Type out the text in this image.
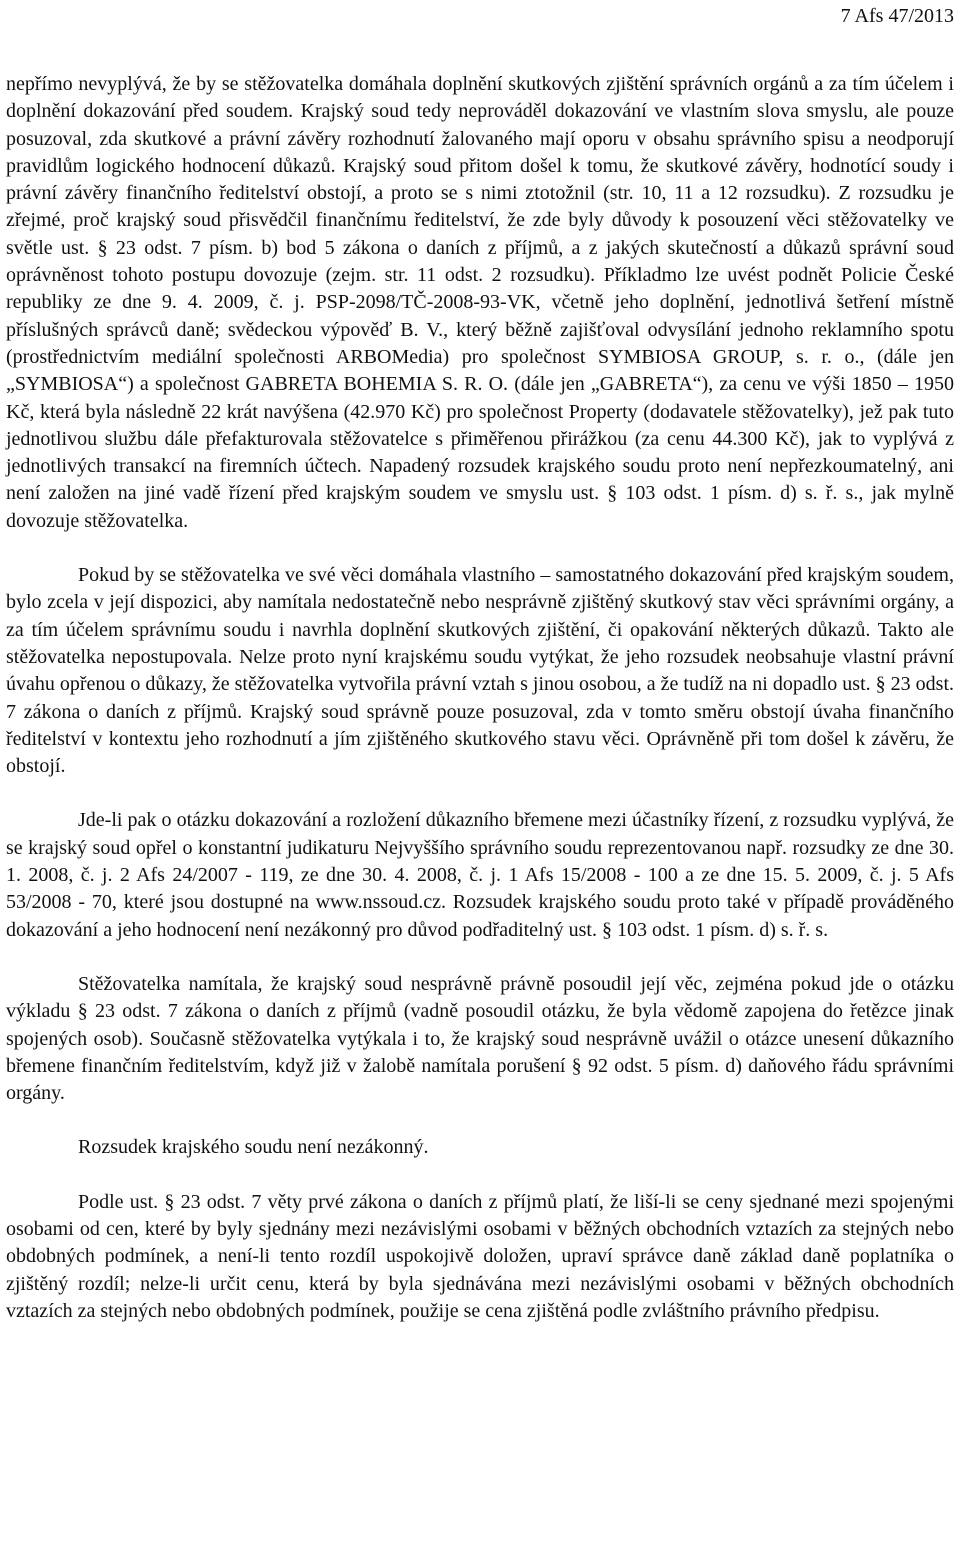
7 Afs 47/2013

nepřímo nevyplývá, že by se stěžovatelka domáhala doplnění skutkových zjištění správních orgánů a za tím účelem i doplnění dokazování před soudem. Krajský soud tedy neprováděl dokazování ve vlastním slova smyslu, ale pouze posuzoval, zda skutkové a právní závěry rozhodnutí žalovaného mají oporu v obsahu správního spisu a neodporují pravidlům logického hodnocení důkazů. Krajský soud přitom došel k tomu, že skutkové závěry, hodnotící soudy i právní závěry finančního ředitelství obstojí, a proto se s nimi ztotožnil (str. 10, 11 a 12 rozsudku). Z rozsudku je zřejmé, proč krajský soud přisvědčil finančnímu ředitelství, že zde byly důvody k posouzení věci stěžovatelky ve světle ust. § 23 odst. 7 písm. b) bod 5 zákona o daních z příjmů, a z jakých skutečností a důkazů správní soud oprávněnost tohoto postupu dovozuje (zejm. str. 11 odst. 2 rozsudku). Příkladmo lze uvést podnět Policie České republiky ze dne 9. 4. 2009, č. j. PSP-2098/TČ-2008-93-VK, včetně jeho doplnění, jednotlivá šetření místně příslušných správců daně; svědeckou výpověď B. V., který běžně zajišťoval odvysílání jednoho reklamního spotu (prostřednictvím mediální společnosti ARBOMedia) pro společnost SYMBIOSA GROUP, s. r. o., (dále jen „SYMBIOSA“) a společnost GABRETA BOHEMIA S. R. O. (dále jen „GABRETA“), za cenu ve výši 1850 – 1950 Kč, která byla následně 22 krát navýšena (42.970 Kč) pro společnost Property (dodavatele stěžovatelky), jež pak tuto jednotlivou službu dále přefakturovala stěžovatelce s přiměřenou přirážkou (za cenu 44.300 Kč), jak to vyplývá z jednotlivých transakcí na firemních účtech. Napadený rozsudek krajského soudu proto není nepřezkoumatelný, ani není založen na jiné vadě řízení před krajským soudem ve smyslu ust. § 103 odst. 1 písm. d) s. ř. s., jak mylně dovozuje stěžovatelka.

Pokud by se stěžovatelka ve své věci domáhala vlastního – samostatného dokazování před krajským soudem, bylo zcela v její dispozici, aby namítala nedostatečně nebo nesprávně zjištěný skutkový stav věci správními orgány, a za tím účelem správnímu soudu i navrhla doplnění skutkových zjištění, či opakování některých důkazů. Takto ale stěžovatelka nepostupovala. Nelze proto nyní krajskému soudu vytýkat, že jeho rozsudek neobsahuje vlastní právní úvahu opřenou o důkazy, že stěžovatelka vytvořila právní vztah s jinou osobou, a že tudíž na ni dopadlo ust. § 23 odst. 7 zákona o daních z příjmů. Krajský soud správně pouze posuzoval, zda v tomto směru obstojí úvaha finančního ředitelství v kontextu jeho rozhodnutí a jím zjištěného skutkového stavu věci. Oprávněně při tom došel k závěru, že obstojí.

Jde-li pak o otázku dokazování a rozložení důkazního břemene mezi účastníky řízení, z rozsudku vyplývá, že se krajský soud opřel o konstantní judikaturu Nejvyššího správního soudu reprezentovanou např. rozsudky ze dne 30. 1. 2008, č. j. 2 Afs 24/2007 - 119, ze dne 30. 4. 2008, č. j. 1 Afs 15/2008 - 100 a ze dne 15. 5. 2009, č. j. 5 Afs 53/2008 - 70, které jsou dostupné na www.nssoud.cz. Rozsudek krajského soudu proto také v případě prováděného dokazování a jeho hodnocení není nezákonný pro důvod podřaditelný ust. § 103 odst. 1 písm. d) s. ř. s.

Stěžovatelka namítala, že krajský soud nesprávně právně posoudil její věc, zejména pokud jde o otázku výkladu § 23 odst. 7 zákona o daních z příjmů (vadně posoudil otázku, že byla vědomě zapojena do řetězce jinak spojených osob). Současně stěžovatelka vytýkala i to, že krajský soud nesprávně uvážil o otázce unesení důkazního břemene finančním ředitelstvím, když již v žalobě namítala porušení § 92 odst. 5 písm. d) daňového řádu správními orgány.

Rozsudek krajského soudu není nezákonný.

Podle ust. § 23 odst. 7 věty prvé zákona o daních z příjmů platí, že liší-li se ceny sjednané mezi spojenými osobami od cen, které by byly sjednány mezi nezávislými osobami v běžných obchodních vztazích za stejných nebo obdobných podmínek, a není-li tento rozdíl uspokojivě doložen, upraví správce daně základ daně poplatníka o zjištěný rozdíl; nelze-li určit cenu, která by byla sjednávána mezi nezávislými osobami v běžných obchodních vztazích za stejných nebo obdobných podmínek, použije se cena zjištěná podle zvláštního právního předpisu.
